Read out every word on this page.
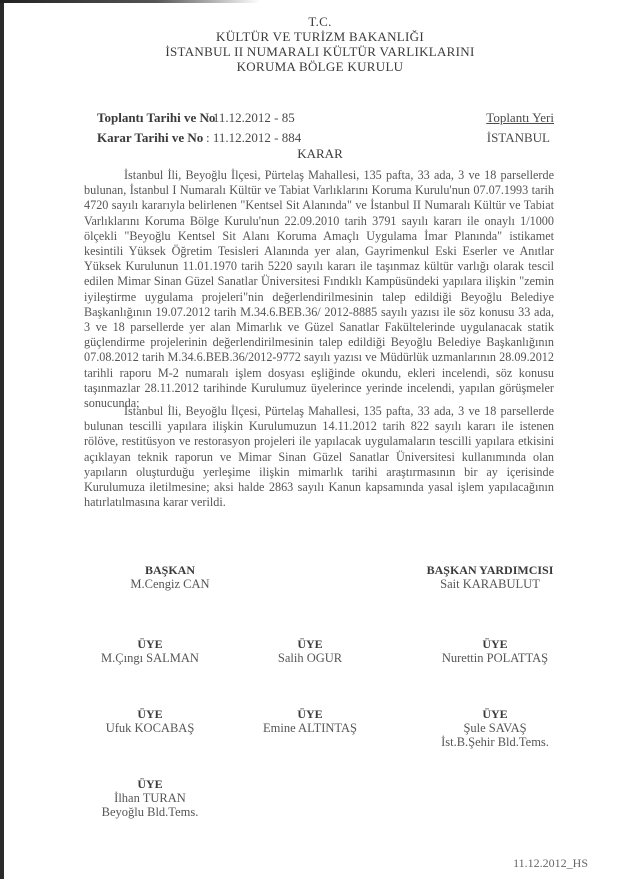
T.C.
KÜLTÜR VE TURİZM BAKANLIĞI
İSTANBUL II NUMARALI KÜLTÜR VARLIKLARINI
KORUMA BÖLGE KURULU
Toplantı Tarihi ve No
: 11.12.2012 - 85
Karar Tarihi ve No : 11.12.2012 - 884
Toplantı Yeri
İSTANBUL
KARAR
İstanbul İli, Beyoğlu İlçesi, Pürtelaş Mahallesi, 135 pafta, 33 ada, 3 ve 18 parsellerde bulunan, İstanbul I Numaralı Kültür ve Tabiat Varlıklarını Koruma Kurulu'nun 07.07.1993 tarih 4720 sayılı kararıyla belirlenen "Kentsel Sit Alanında" ve İstanbul II Numaralı Kültür ve Tabiat Varlıklarını Koruma Bölge Kurulu'nun 22.09.2010 tarih 3791 sayılı kararı ile onaylı 1/1000 ölçekli "Beyoğlu Kentsel Sit Alanı Koruma Amaçlı Uygulama İmar Planında" istikamet kesintili Yüksek Öğretim Tesisleri Alanında yer alan, Gayrimenkul Eski Eserler ve Anıtlar Yüksek Kurulunun 11.01.1970 tarih 5220 sayılı kararı ile taşınmaz kültür varlığı olarak tescil edilen Mimar Sinan Güzel Sanatlar Üniversitesi Fındıklı Kampüsündeki yapılara ilişkin "zemin iyileştirme uygulama projeleri"nin değerlendirilmesinin talep edildiği Beyoğlu Belediye Başkanlığının 19.07.2012 tarih M.34.6.BEB.36/ 2012-8885 sayılı yazısı ile söz konusu 33 ada, 3 ve 18 parsellerde yer alan Mimarlık ve Güzel Sanatlar Fakültelerinde uygulanacak statik güçlendirme projelerinin değerlendirilmesinin talep edildiği Beyoğlu Belediye Başkanlığının 07.08.2012 tarih M.34.6.BEB.36/2012-9772 sayılı yazısı ve Müdürlük uzmanlarının 28.09.2012 tarihli raporu M-2 numaralı işlem dosyası eşliğinde okundu, ekleri incelendi, söz konusu taşınmazlar 28.11.2012 tarihinde Kurulumuz üyelerince yerinde incelendi, yapılan görüşmeler sonucunda;
İstanbul İli, Beyoğlu İlçesi, Pürtelaş Mahallesi, 135 pafta, 33 ada, 3 ve 18 parsellerde bulunan tescilli yapılara ilişkin Kurulumuzun 14.11.2012 tarih 822 sayılı kararı ile istenen rölöve, restitüsyon ve restorasyon projeleri ile yapılacak uygulamaların tescilli yapılara etkisini açıklayan teknik raporun ve Mimar Sinan Güzel Sanatlar Üniversitesi kullanımında olan yapıların oluşturduğu yerleşime ilişkin mimarlık tarihi araştırmasının bir ay içerisinde Kurulumuza iletilmesine; aksi halde 2863 sayılı Kanun kapsamında yasal işlem yapılacağının hatırlatılmasına karar verildi.
BAŞKAN
M.Cengiz CAN
BAŞKAN YARDIMCISI
Sait KARABULUT
ÜYE
M.Çıngı SALMAN
ÜYE
Salih OGUR
ÜYE
Nurettin POLATTAŞ
ÜYE
Ufuk KOCABAŞ
ÜYE
Emine ALTINTAŞ
ÜYE
Şule SAVAŞ
İst.B.Şehir Bld.Tems.
ÜYE
İlhan TURAN
Beyoğlu Bld.Tems.
11.12.2012_HS
